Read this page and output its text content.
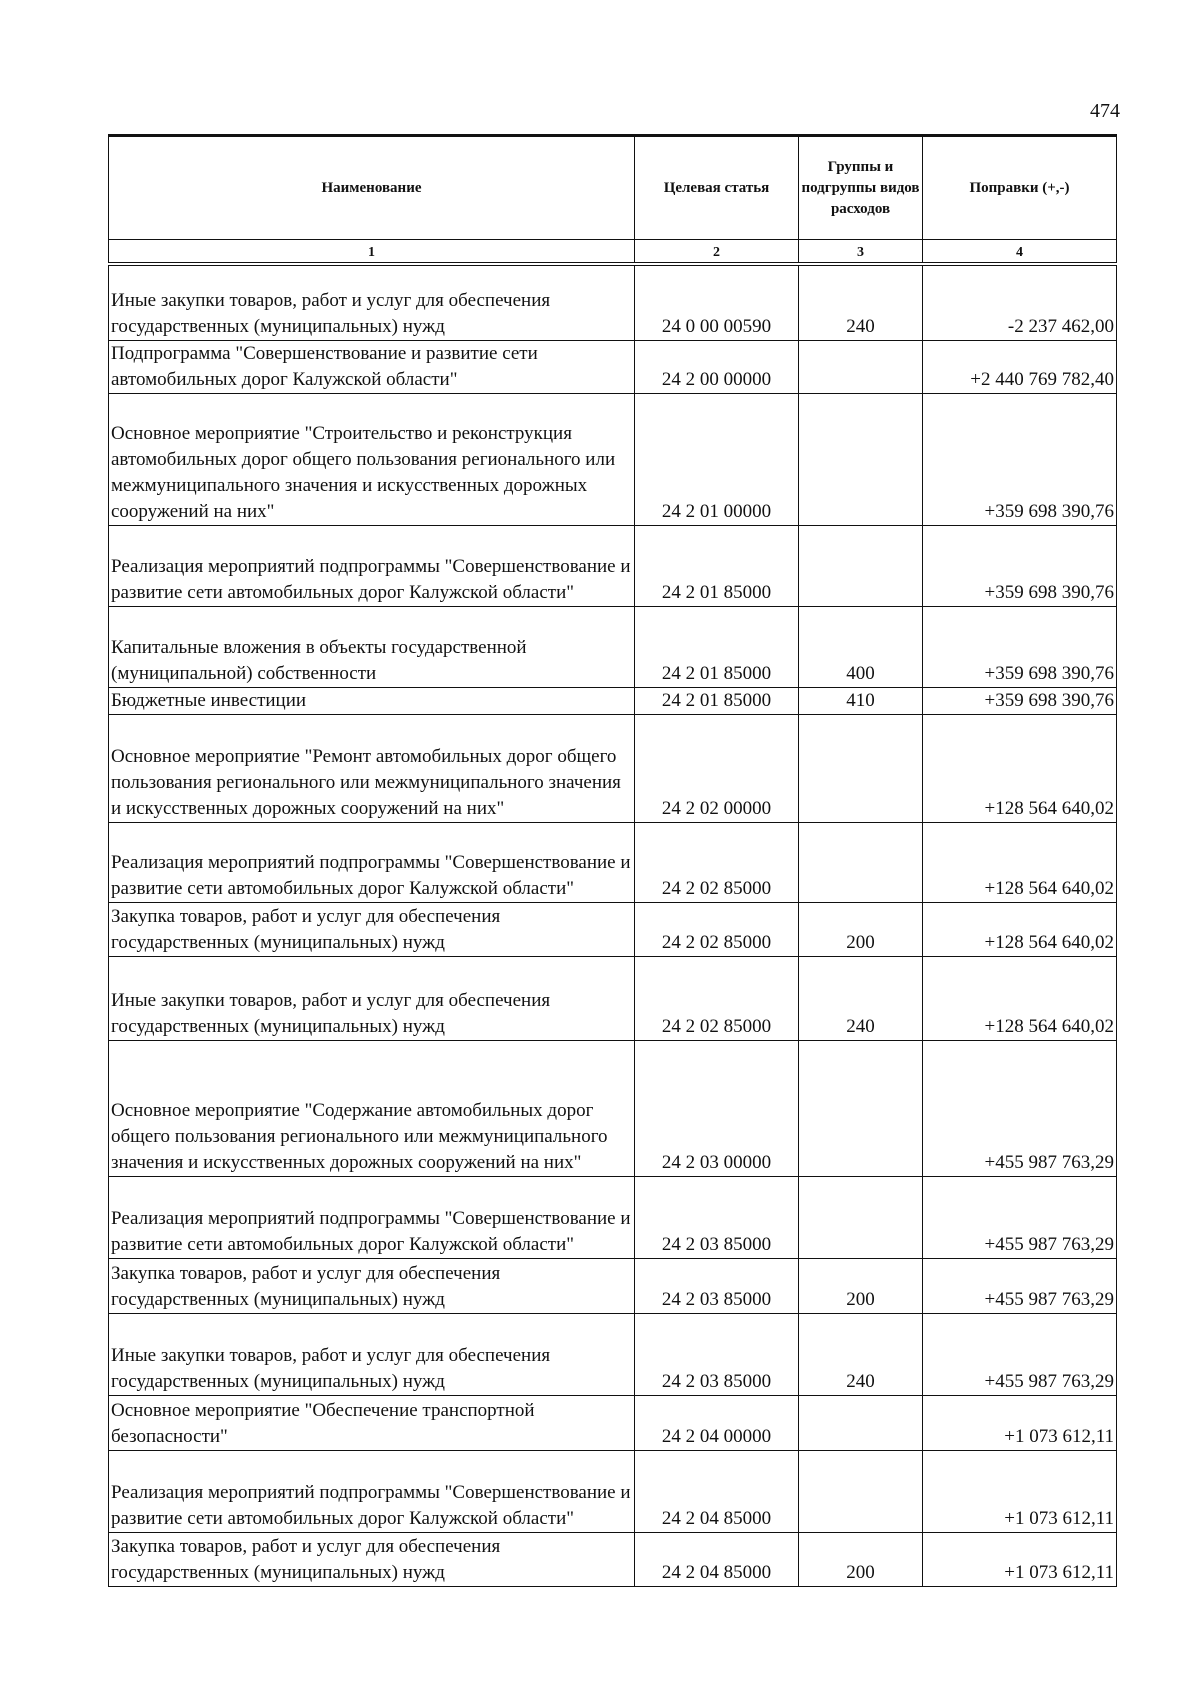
474
Наименование	Целевая статья	Группы и подгруппы видов расходов	Поправки (+,-)
1	2	3	4
Иные закупки товаров, работ и услуг для обеспечения государственных (муниципальных) нужд	24 0 00 00590	240	-2 237 462,00
Подпрограмма "Совершенствование и развитие сети автомобильных дорог Калужской области"	24 2 00 00000		+2 440 769 782,40
Основное мероприятие "Строительство и реконструкция автомобильных дорог общего пользования регионального или межмуниципального значения и искусственных дорожных сооружений на них"	24 2 01 00000		+359 698 390,76
Реализация мероприятий подпрограммы "Совершенствование и развитие сети автомобильных дорог Калужской области"	24 2 01 85000		+359 698 390,76
Капитальные вложения в объекты государственной (муниципальной) собственности	24 2 01 85000	400	+359 698 390,76
Бюджетные инвестиции	24 2 01 85000	410	+359 698 390,76
Основное мероприятие "Ремонт автомобильных дорог общего пользования регионального или межмуниципального значения и искусственных дорожных сооружений на них"	24 2 02 00000		+128 564 640,02
Реализация мероприятий подпрограммы "Совершенствование и развитие сети автомобильных дорог Калужской области"	24 2 02 85000		+128 564 640,02
Закупка товаров, работ и услуг для обеспечения государственных (муниципальных) нужд	24 2 02 85000	200	+128 564 640,02
Иные закупки товаров, работ и услуг для обеспечения государственных (муниципальных) нужд	24 2 02 85000	240	+128 564 640,02
Основное мероприятие "Содержание автомобильных дорог общего пользования регионального или межмуниципального значения и искусственных дорожных сооружений на них"	24 2 03 00000		+455 987 763,29
Реализация мероприятий подпрограммы "Совершенствование и развитие сети автомобильных дорог Калужской области"	24 2 03 85000		+455 987 763,29
Закупка товаров, работ и услуг для обеспечения государственных (муниципальных) нужд	24 2 03 85000	200	+455 987 763,29
Иные закупки товаров, работ и услуг для обеспечения государственных (муниципальных) нужд	24 2 03 85000	240	+455 987 763,29
Основное мероприятие "Обеспечение транспортной безопасности"	24 2 04 00000		+1 073 612,11
Реализация мероприятий подпрограммы "Совершенствование и развитие сети автомобильных дорог Калужской области"	24 2 04 85000		+1 073 612,11
Закупка товаров, работ и услуг для обеспечения государственных (муниципальных) нужд	24 2 04 85000	200	+1 073 612,11
